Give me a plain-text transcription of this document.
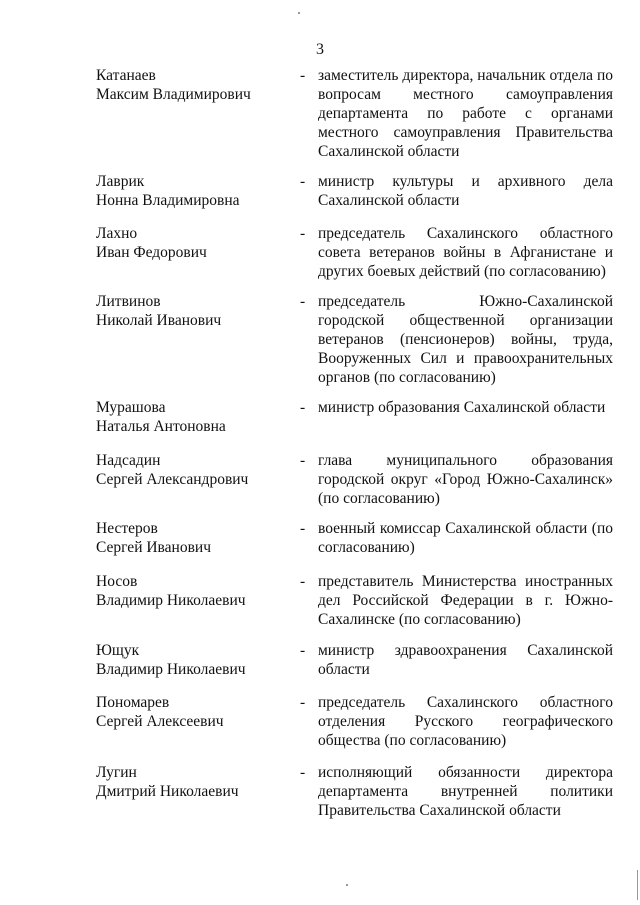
3
Катанаев
Максим Владимирович
- заместитель директора, начальник отдела по вопросам местного самоуправления департамента по работе с органами местного самоуправления Правительства Сахалинской области
Лаврик
Нонна Владимировна
- министр культуры и архивного дела Сахалинской области
Лахно
Иван Федорович
- председатель Сахалинского областного совета ветеранов войны в Афганистане и других боевых действий (по согласованию)
Литвинов
Николай Иванович
- председатель Южно-Сахалинской городской общественной организации ветеранов (пенсионеров) войны, труда, Вооруженных Сил и правоохранительных органов (по согласованию)
Мурашова
Наталья Антоновна
- министр образования Сахалинской области
Надсадин
Сергей Александрович
- глава муниципального образования городской округ «Город Южно-Сахалинск» (по согласованию)
Нестеров
Сергей Иванович
- военный комиссар Сахалинской области (по согласованию)
Носов
Владимир Николаевич
- представитель Министерства иностранных дел Российской Федерации в г. Южно-Сахалинске (по согласованию)
Ющук
Владимир Николаевич
- министр здравоохранения Сахалинской области
Пономарев
Сергей Алексеевич
- председатель Сахалинского областного отделения Русского географического общества (по согласованию)
Лугин
Дмитрий Николаевич
- исполняющий обязанности директора департамента внутренней политики Правительства Сахалинской области
